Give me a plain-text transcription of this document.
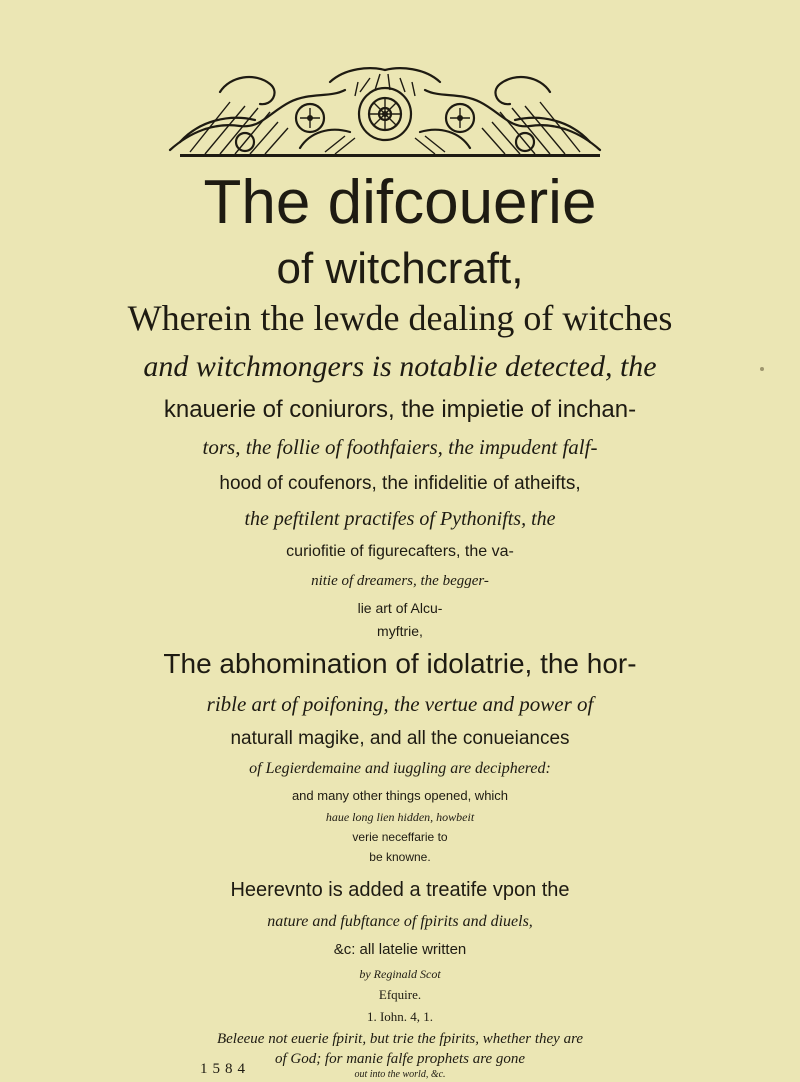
The difcouerie
of witchcraft,
Wherein the lewde dealing of witches
and witchmongers is notablie detected, the
knauerie of coniurors, the impietie of inchan-
tors, the follie of foothfaiers, the impudent falf-
hood of coufenors, the infidelitie of atheifts,
the peftilent practifes of Pythonifts, the
curiofitie of figurecafters, the va-
nitie of dreamers, the begger-
lie art of Alcu-
myftrie,
The abhomination of idolatrie, the hor-
rible art of poifoning, the vertue and power of
naturall magike, and all the conueiances
of Legierdemaine and iuggling are deciphered:
and many other things opened, which
haue long lien hidden, howbeit
verie neceffarie to
be knowne.
Heerevnto is added a treatife vpon the
nature and fubftance of fpirits and diuels,
&c: all latelie written
by Reginald Scot
Efquire.
1. Iohn. 4, 1.
Beleeue not euerie fpirit, but trie the fpirits, whether they are
of God; for manie falfe prophets are gone
out into the world, &c.
1584
